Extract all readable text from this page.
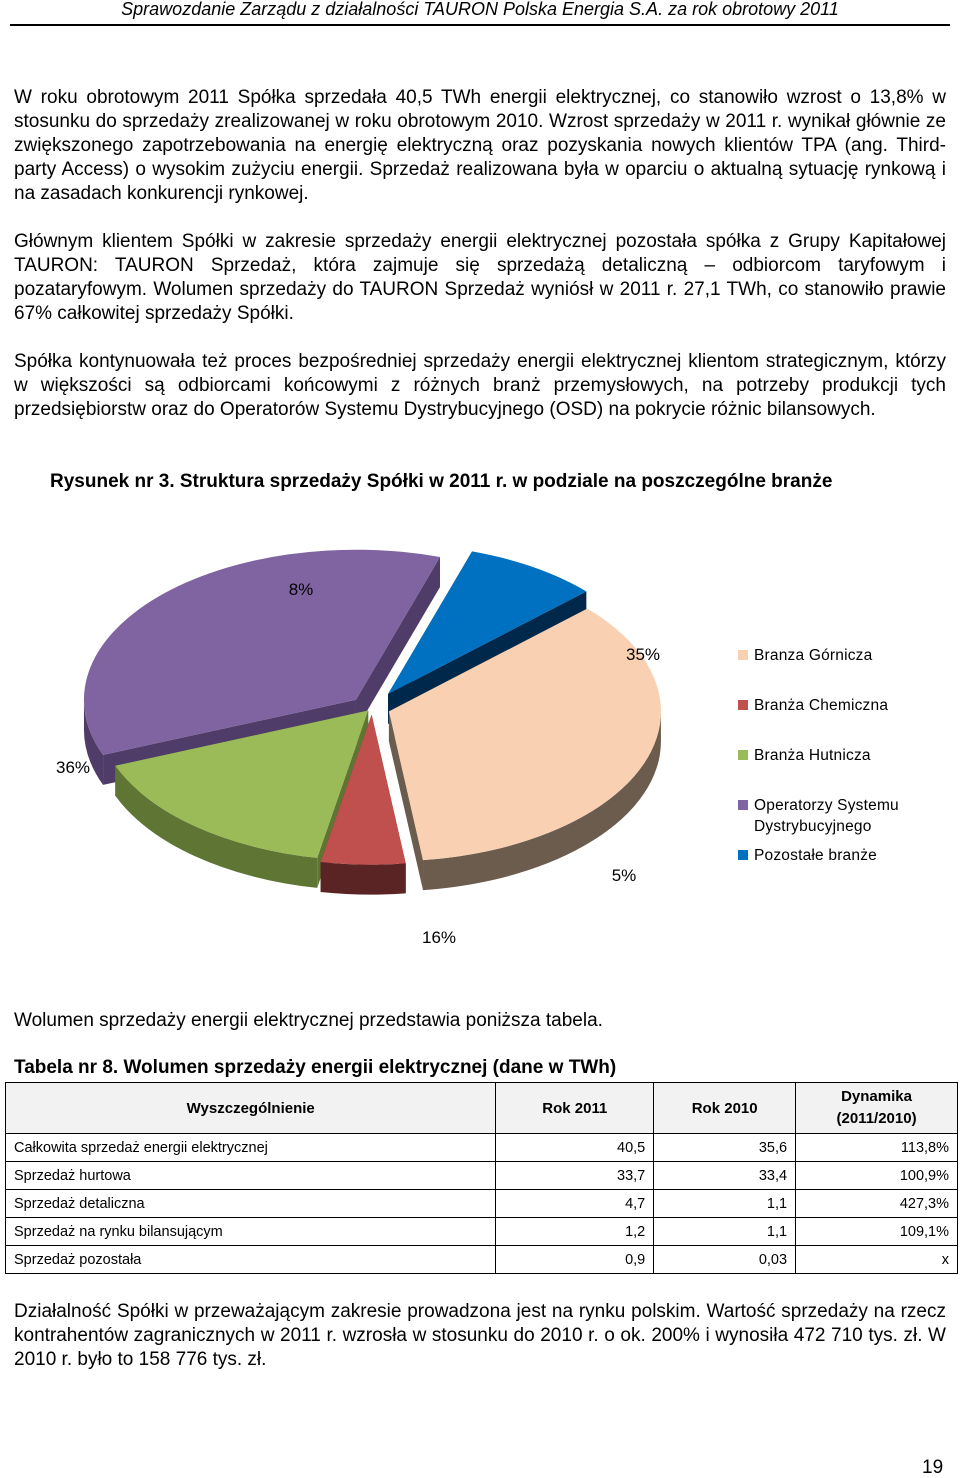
Sprawozdanie Zarządu z działalności TAURON Polska Energia S.A. za rok obrotowy 2011

W roku obrotowym 2011 Spółka sprzedała 40,5 TWh energii elektrycznej, co stanowiło wzrost o 13,8% w stosunku do sprzedaży zrealizowanej w roku obrotowym 2010. Wzrost sprzedaży w 2011 r. wynikał głównie ze zwiększonego zapotrzebowania na energię elektryczną oraz pozyskania nowych klientów TPA (ang. Third-party Access) o wysokim zużyciu energii. Sprzedaż realizowana była w oparciu o aktualną sytuację rynkową i na zasadach konkurencji rynkowej.

Głównym klientem Spółki w zakresie sprzedaży energii elektrycznej pozostała spółka z Grupy Kapitałowej TAURON: TAURON Sprzedaż, która zajmuje się sprzedażą detaliczną – odbiorcom taryfowym i pozataryfowym. Wolumen sprzedaży do TAURON Sprzedaż wyniósł w 2011 r. 27,1 TWh, co stanowiło prawie 67% całkowitej sprzedaży Spółki.

Spółka kontynuowała też proces bezpośredniej sprzedaży energii elektrycznej klientom strategicznym, którzy w większości są odbiorcami końcowymi z różnych branż przemysłowych, na potrzeby produkcji tych przedsiębiorstw oraz do Operatorów Systemu Dystrybucyjnego (OSD) na pokrycie różnic bilansowych.

Rysunek nr 3. Struktura sprzedaży Spółki w 2011 r. w podziale na poszczególne branże

35%
5%
16%
36%
8%
Branza Górnicza
Branża Chemiczna
Branża Hutnicza
Operatorzy Systemu
Dystrybucyjnego
Pozostałe branże

Wolumen sprzedaży energii elektrycznej przedstawia poniższa tabela.

Tabela nr 8. Wolumen sprzedaży energii elektrycznej (dane w TWh)

Wyszczególnienie	Rok 2011	Rok 2010	Dynamika
(2011/2010)

Całkowita sprzedaż energii elektrycznej	40,5	35,6	113,8%
Sprzedaż hurtowa	33,7	33,4	100,9%
Sprzedaż detaliczna	4,7	1,1	427,3%
Sprzedaż na rynku bilansującym	1,2	1,1	109,1%
Sprzedaż pozostała	0,9	0,03	x

Działalność Spółki w przeważającym zakresie prowadzona jest na rynku polskim. Wartość sprzedaży na rzecz kontrahentów zagranicznych w 2011 r. wzrosła w stosunku do 2010 r. o ok. 200% i wynosiła 472 710 tys. zł. W 2010 r. było to 158 776 tys. zł.

19
